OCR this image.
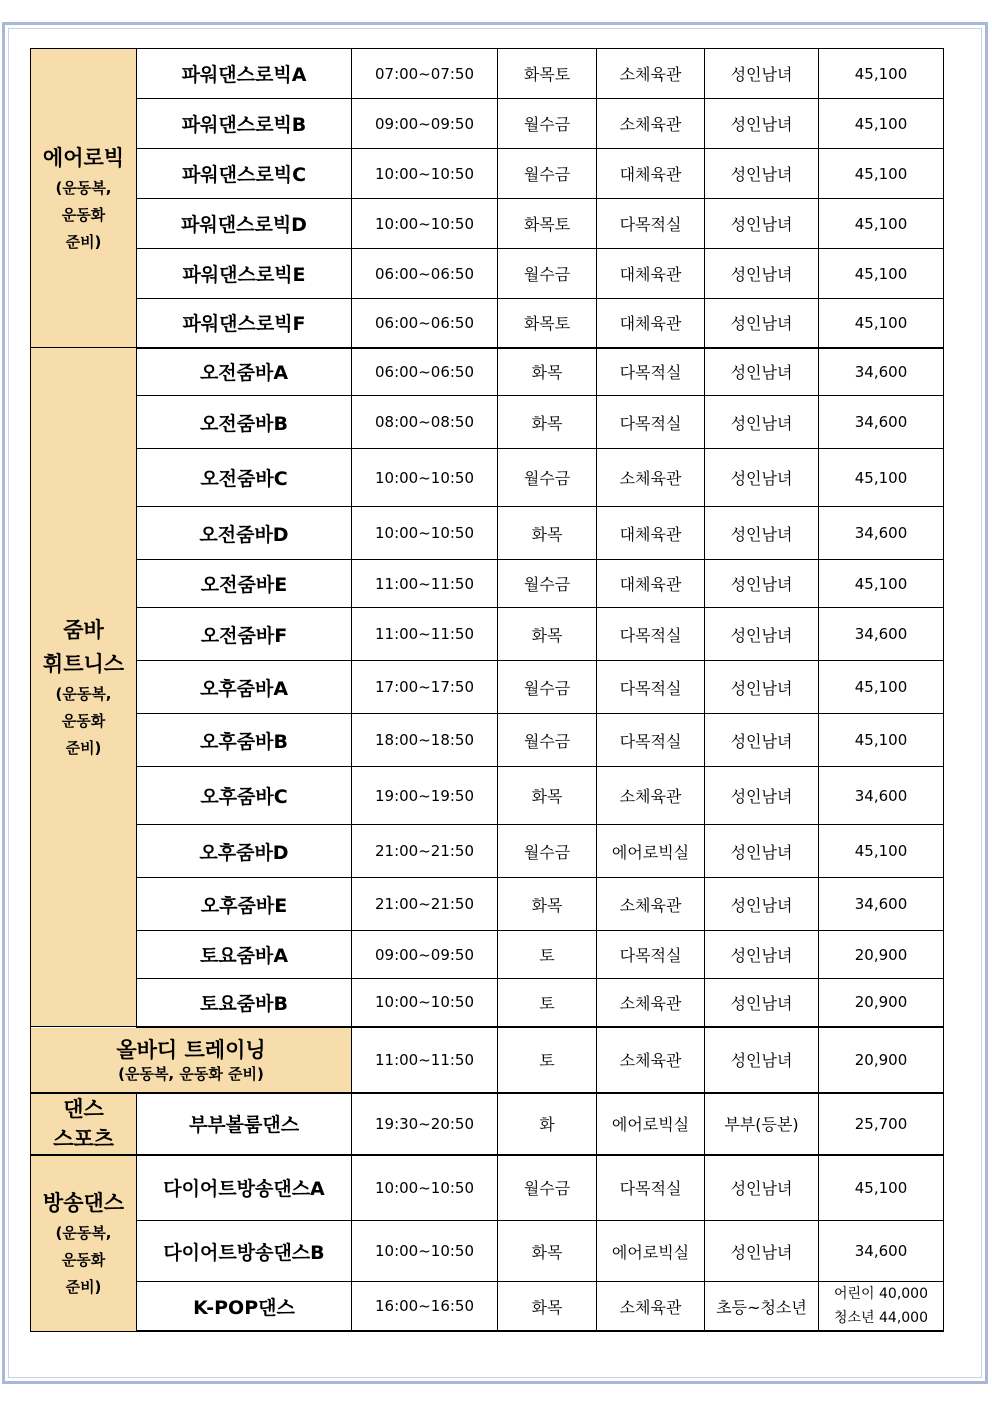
에어로빅
(운동복,
운동화
준비)	파워댄스로빅A	07:00~07:50	화목토	소체육관	성인남녀	45,100
	파워댄스로빅B	09:00~09:50	월수금	소체육관	성인남녀	45,100
	파워댄스로빅C	10:00~10:50	월수금	대체육관	성인남녀	45,100
	파워댄스로빅D	10:00~10:50	화목토	다목적실	성인남녀	45,100
	파워댄스로빅E	06:00~06:50	월수금	대체육관	성인남녀	45,100
	파워댄스로빅F	06:00~06:50	화목토	대체육관	성인남녀	45,100

줌바
휘트니스
(운동복,
운동화
준비)	오전줌바A	06:00~06:50	화목	다목적실	성인남녀	34,600
	오전줌바B	08:00~08:50	화목	다목적실	성인남녀	34,600
	오전줌바C	10:00~10:50	월수금	소체육관	성인남녀	45,100
	오전줌바D	10:00~10:50	화목	대체육관	성인남녀	34,600
	오전줌바E	11:00~11:50	월수금	대체육관	성인남녀	45,100
	오전줌바F	11:00~11:50	화목	다목적실	성인남녀	34,600
	오후줌바A	17:00~17:50	월수금	다목적실	성인남녀	45,100
	오후줌바B	18:00~18:50	월수금	다목적실	성인남녀	45,100
	오후줌바C	19:00~19:50	화목	소체육관	성인남녀	34,600
	오후줌바D	21:00~21:50	월수금	에어로빅실	성인남녀	45,100
	오후줌바E	21:00~21:50	화목	소체육관	성인남녀	34,600
	토요줌바A	09:00~09:50	토	다목적실	성인남녀	20,900
	토요줌바B	10:00~10:50	토	소체육관	성인남녀	20,900

올바디 트레이닝
(운동복, 운동화 준비)		11:00~11:50	토	소체육관	성인남녀	20,900

댄스
스포츠	부부볼룸댄스	19:30~20:50	화	에어로빅실	부부(등본)	25,700

방송댄스
(운동복,
운동화
준비)	다이어트방송댄스A	10:00~10:50	월수금	다목적실	성인남녀	45,100
	다이어트방송댄스B	10:00~10:50	화목	에어로빅실	성인남녀	34,600
	K-POP댄스	16:00~16:50	화목	소체육관	초등~청소년	어린이 40,000
청소년 44,000
